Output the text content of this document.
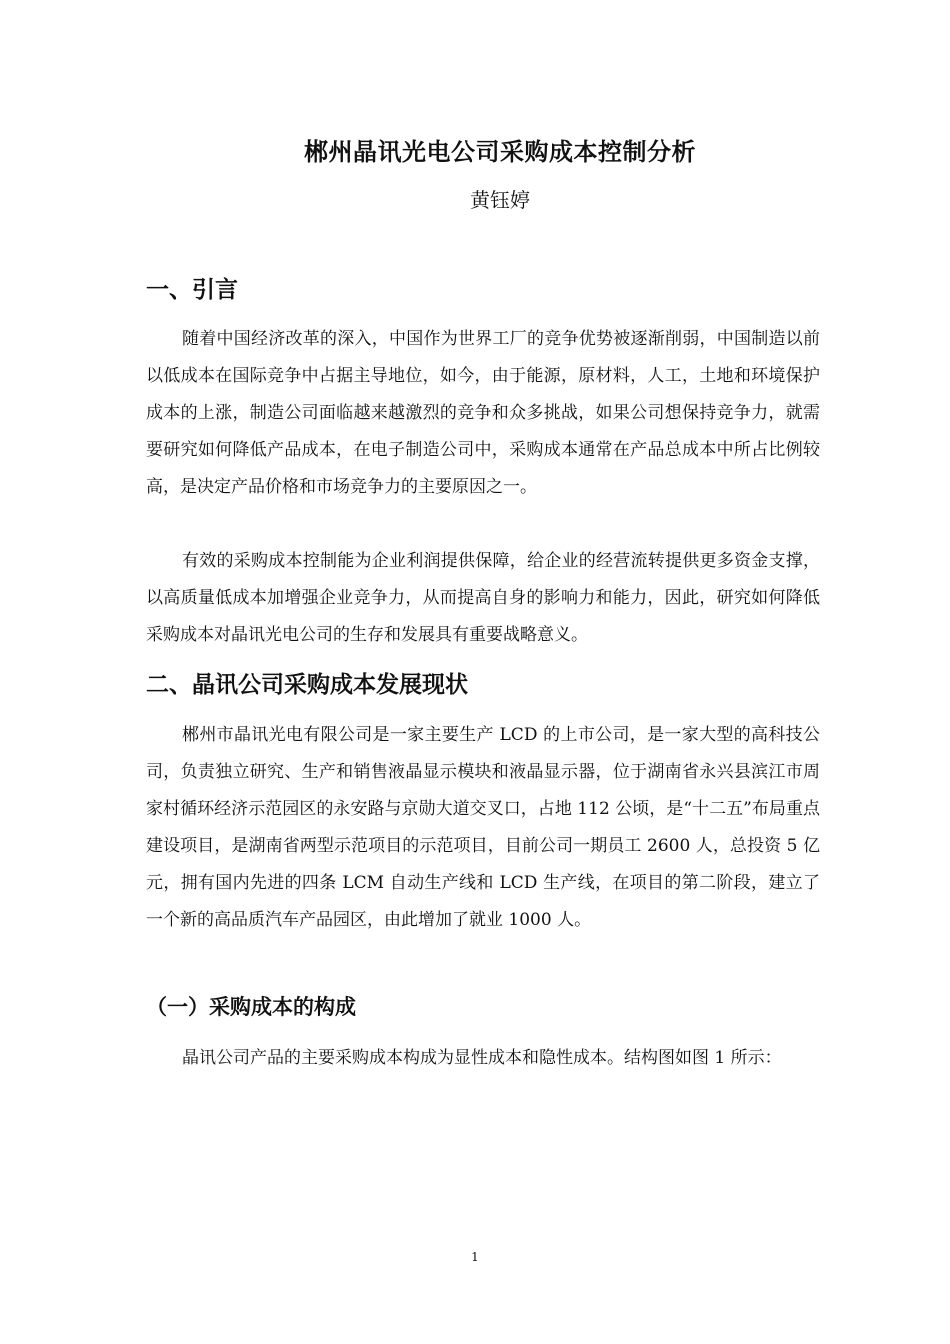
郴州晶讯光电公司采购成本控制分析
黄钰婷
一、引言

随着中国经济改革的深入，中国作为世界工厂的竞争优势被逐渐削弱，中国制造以前以低成本在国际竞争中占据主导地位，如今，由于能源，原材料，人工，土地和环境保护成本的上涨，制造公司面临越来越激烈的竞争和众多挑战，如果公司想保持竞争力，就需要研究如何降低产品成本，在电子制造公司中，采购成本通常在产品总成本中所占比例较高，是决定产品价格和市场竞争力的主要原因之一。

有效的采购成本控制能为企业利润提供保障，给企业的经营流转提供更多资金支撑，以高质量低成本加增强企业竞争力，从而提高自身的影响力和能力，因此，研究如何降低采购成本对晶讯光电公司的生存和发展具有重要战略意义。

二、晶讯公司采购成本发展现状

郴州市晶讯光电有限公司是一家主要生产 LCD 的上市公司，是一家大型的高科技公司，负责独立研究、生产和销售液晶显示模块和液晶显示器，位于湖南省永兴县滨江市周家村循环经济示范园区的永安路与京勋大道交叉口，占地 112 公顷，是“十二五”布局重点建设项目，是湖南省两型示范项目的示范项目，目前公司一期员工 2600 人，总投资 5 亿元，拥有国内先进的四条 LCM 自动生产线和 LCD 生产线，在项目的第二阶段，建立了一个新的高品质汽车产品园区，由此增加了就业 1000 人。

（一）采购成本的构成

晶讯公司产品的主要采购成本构成为显性成本和隐性成本。结构图如图 1 所示：

1
